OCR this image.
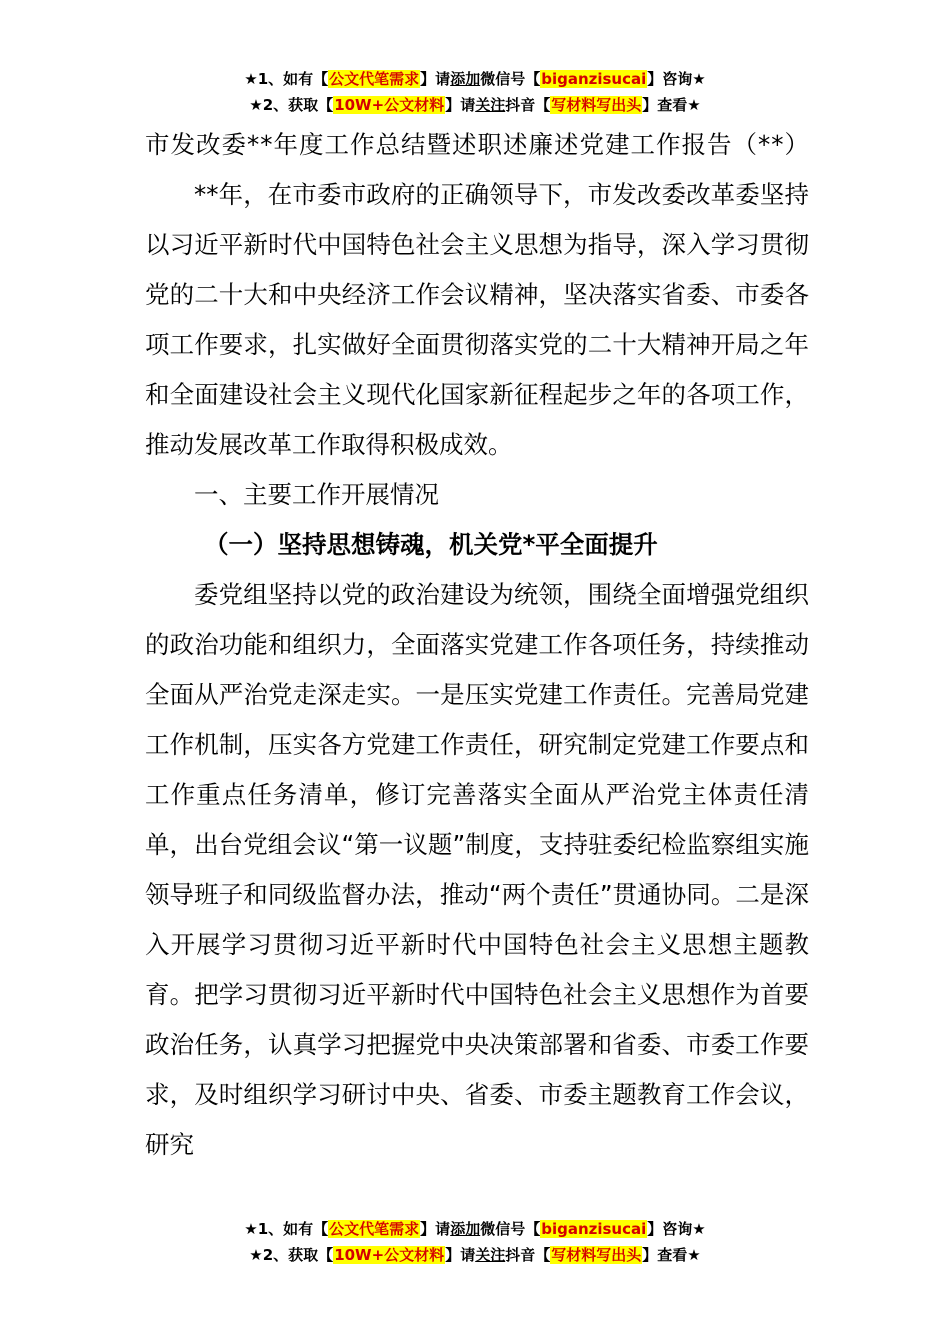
★1、如有【公文代笔需求】请添加微信号【biganzisucai】咨询★
★2、获取【10W+公文材料】请关注抖音【写材料写出头】查看★

市发改委**年度工作总结暨述职述廉述党建工作报告（**）

**年，在市委市政府的正确领导下，市发改委改革委坚持以习近平新时代中国特色社会主义思想为指导，深入学习贯彻党的二十大和中央经济工作会议精神，坚决落实省委、市委各项工作要求，扎实做好全面贯彻落实党的二十大精神开局之年和全面建设社会主义现代化国家新征程起步之年的各项工作，推动发展改革工作取得积极成效。

一、主要工作开展情况

（一）坚持思想铸魂，机关党*平全面提升

委党组坚持以党的政治建设为统领，围绕全面增强党组织的政治功能和组织力，全面落实党建工作各项任务，持续推动全面从严治党走深走实。一是压实党建工作责任。完善局党建工作机制，压实各方党建工作责任，研究制定党建工作要点和工作重点任务清单，修订完善落实全面从严治党主体责任清单，出台党组会议“第一议题”制度，支持驻委纪检监察组实施领导班子和同级监督办法，推动“两个责任”贯通协同。二是深入开展学习贯彻习近平新时代中国特色社会主义思想主题教育。把学习贯彻习近平新时代中国特色社会主义思想作为首要政治任务，认真学习把握党中央决策部署和省委、市委工作要求，及时组织学习研讨中央、省委、市委主题教育工作会议，研究

★1、如有【公文代笔需求】请添加微信号【biganzisucai】咨询★
★2、获取【10W+公文材料】请关注抖音【写材料写出头】查看★
